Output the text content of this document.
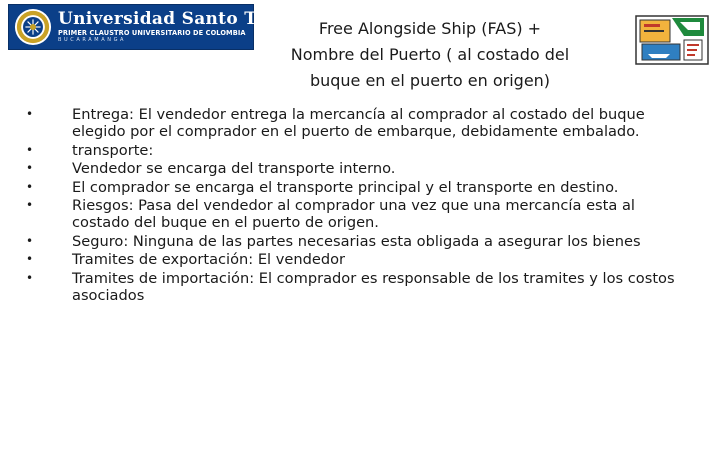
Universidad Santo Tomas
PRIMER CLAUSTRO UNIVERSITARIO DE COLOMBIA
BUCARAMANGA
Free Alongside Ship (FAS) +
Nombre del Puerto ( al costado del
buque en el puerto en origen)
•	Entrega: El vendedor entrega la mercancía al comprador al costado del buque elegido por el comprador en el puerto de embarque, debidamente embalado.
•	transporte:
•	Vendedor se encarga del transporte interno.
•	El comprador se encarga el transporte principal y el transporte en destino.
•	Riesgos: Pasa del vendedor al comprador una vez que una mercancía esta al costado del buque en el puerto de origen.
•	Seguro: Ninguna de las partes necesarias esta obligada a asegurar los bienes
•	Tramites de exportación: El vendedor
•	Tramites de importación: El comprador es responsable de los tramites y los costos asociados
